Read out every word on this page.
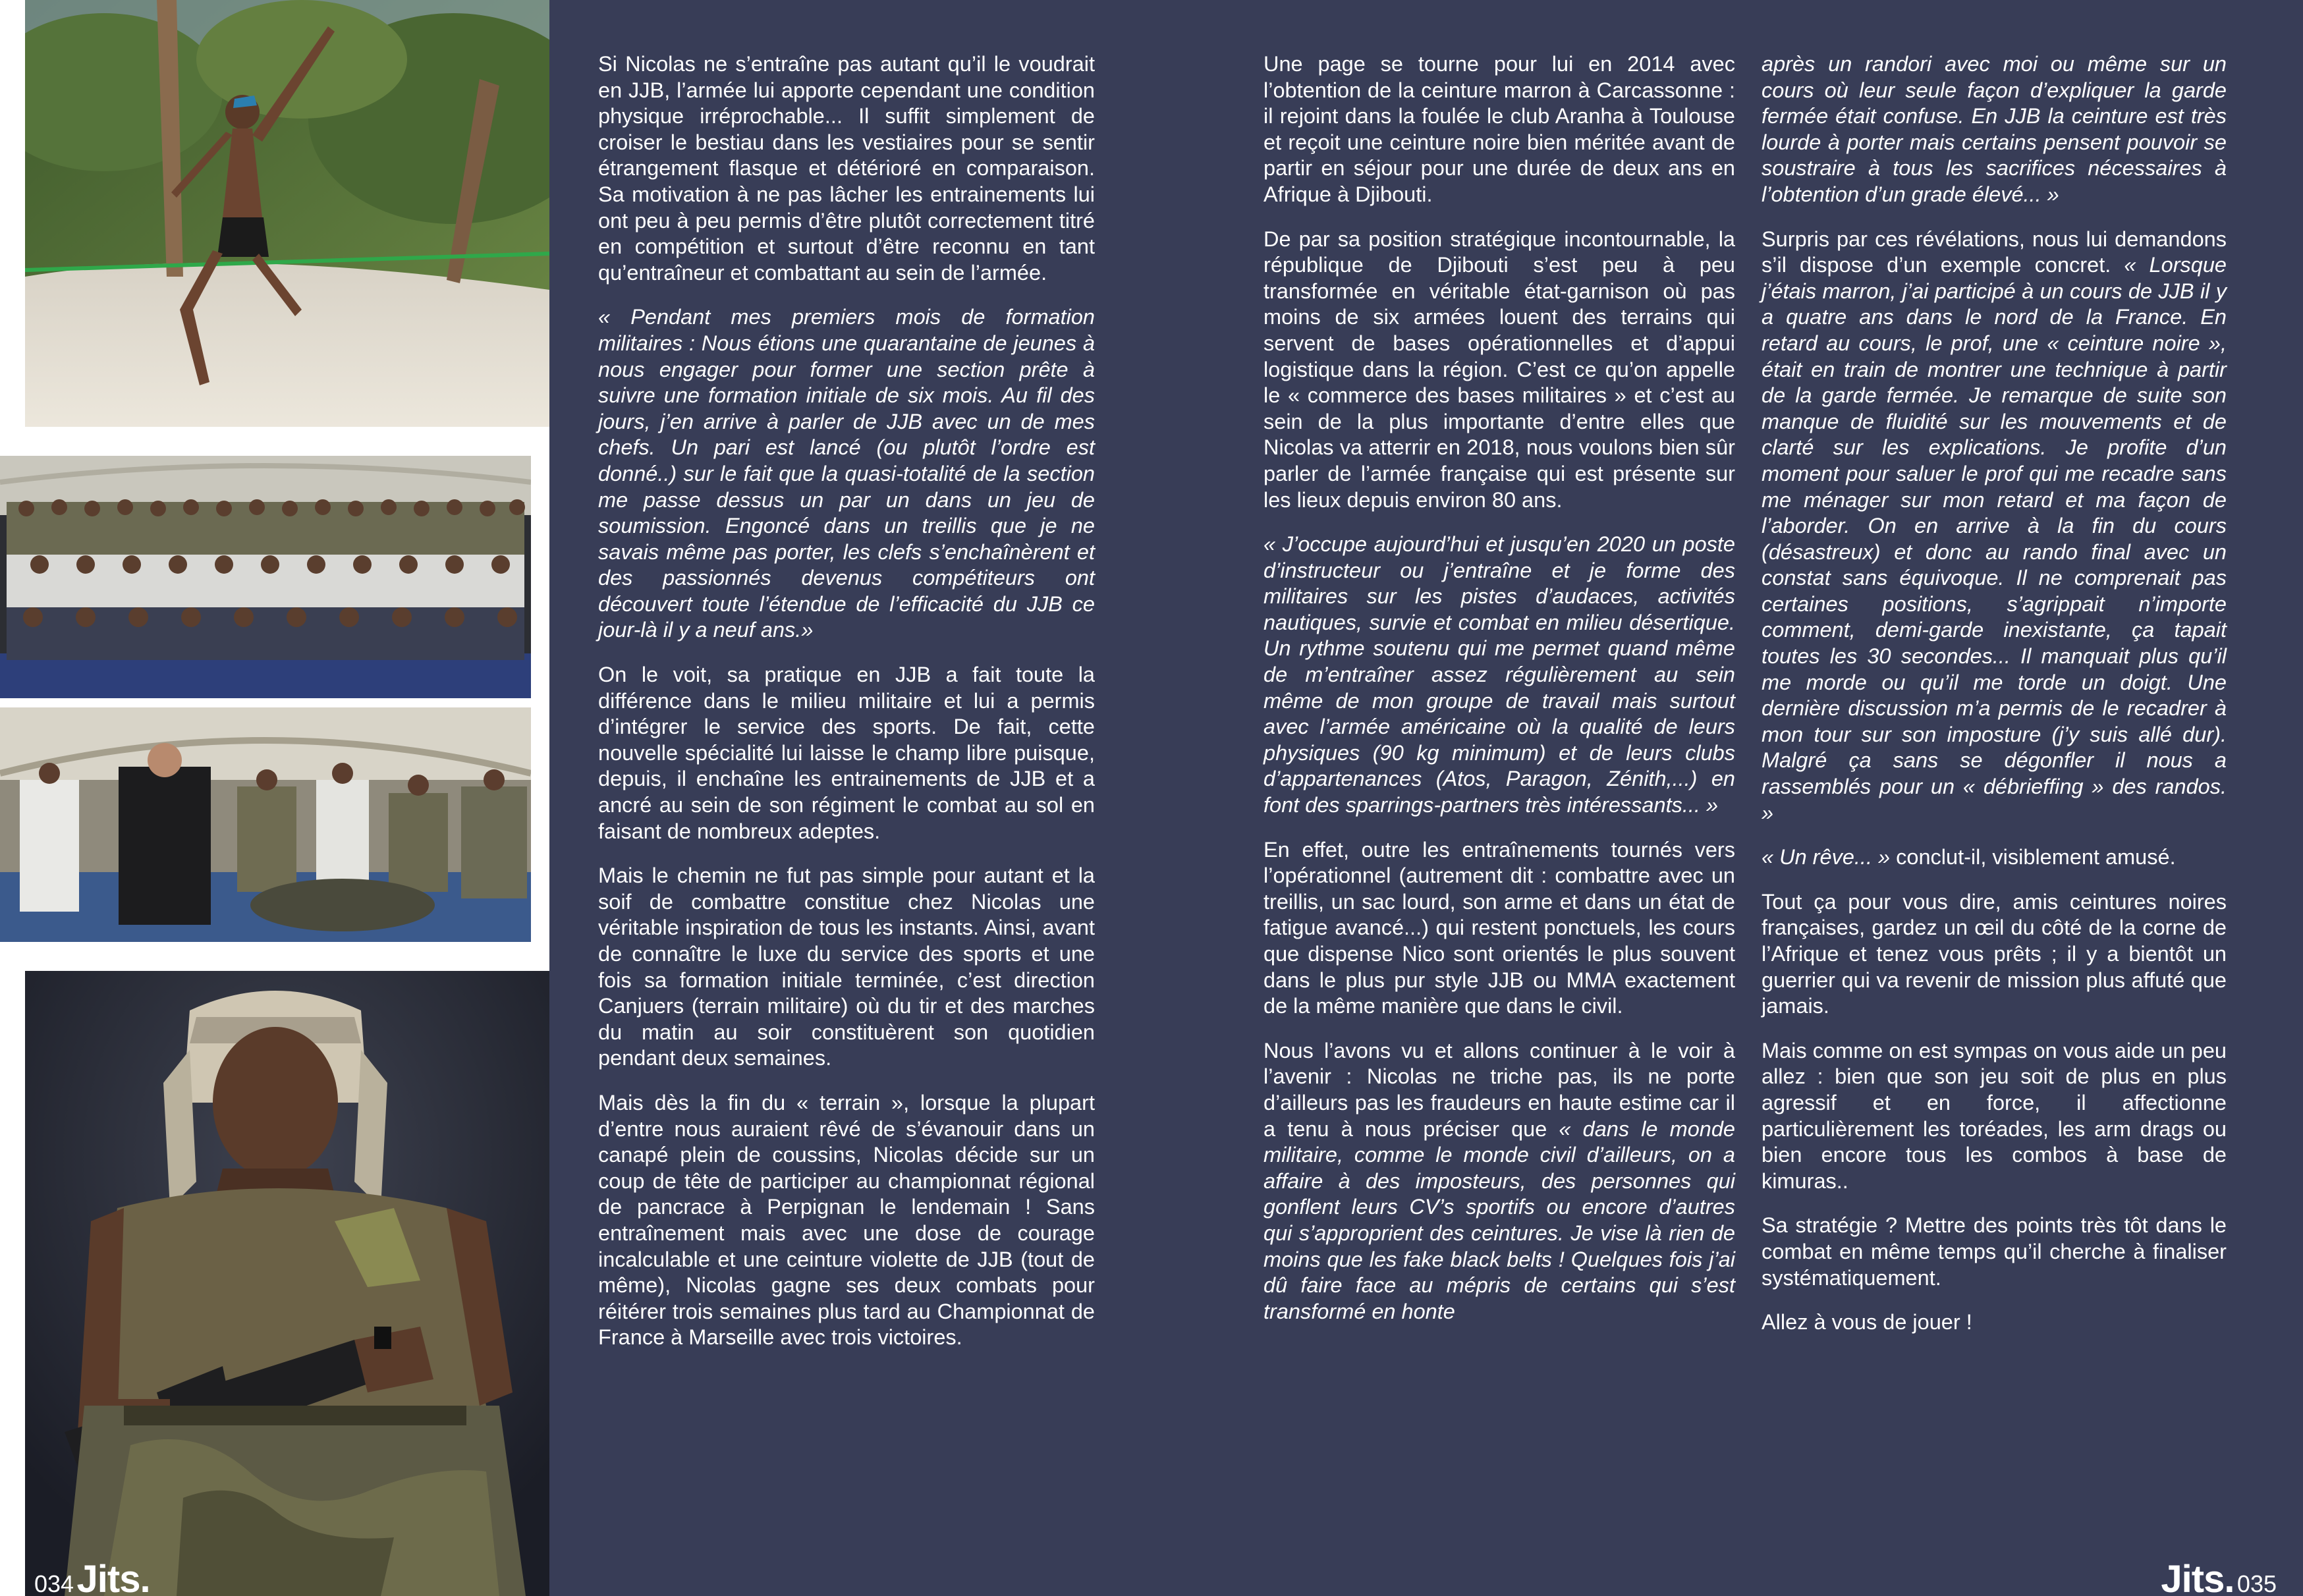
Si Nicolas ne s’entraîne pas autant qu’il le voudrait en JJB, l’armée lui apporte cependant une condition physique irréprochable... Il suffit simplement de croiser le bestiau dans les vestiaires pour se sentir étrangement flasque et détérioré en comparaison. Sa motivation à ne pas lâcher les entrainements lui ont peu à peu permis d’être plutôt correctement titré en compétition et surtout d’être reconnu en tant qu’entraîneur et combattant au sein de l’armée.

« Pendant mes premiers mois de formation militaires : Nous étions une quarantaine de jeunes à nous engager pour former une section prête à suivre une formation initiale de six mois. Au fil des jours, j’en arrive à parler de JJB avec un de mes chefs. Un pari est lancé (ou plutôt l’ordre est donné..) sur le fait que la quasi-totalité de la section me passe dessus un par un dans un jeu de soumission. Engoncé dans un treillis que je ne savais même pas porter, les clefs s’enchaînèrent et des passionnés devenus compétiteurs ont découvert toute l’étendue de l’efficacité du JJB ce jour-là il y a neuf ans.»

On le voit, sa pratique en JJB a fait toute la différence dans le milieu militaire et lui a permis d’intégrer le service des sports. De fait, cette nouvelle spécialité lui laisse le champ libre puisque, depuis, il enchaîne les entrainements de JJB et a ancré au sein de son régiment le combat au sol en faisant de nombreux adeptes.

Mais le chemin ne fut pas simple pour autant et la soif de combattre constitue chez Nicolas une véritable inspiration de tous les instants. Ainsi, avant de connaître le luxe du service des sports et une fois sa formation initiale terminée, c’est direction Canjuers (terrain militaire) où du tir et des marches du matin au soir constituèrent son quotidien pendant deux semaines.

Mais dès la fin du « terrain », lorsque la plupart d’entre nous auraient rêvé de s’évanouir dans un canapé plein de coussins, Nicolas décide sur un coup de tête de participer au championnat régional de pancrace à Perpignan le lendemain ! Sans entraînement mais avec une dose de courage incalculable et une ceinture violette de JJB (tout de même), Nicolas gagne ses deux combats pour réitérer trois semaines plus tard au Championnat de France à Marseille avec trois victoires.

Une page se tourne pour lui en 2014 avec l’obtention de la ceinture marron à Carcassonne : il rejoint dans la foulée le club Aranha à Toulouse et reçoit une ceinture noire bien méritée avant de partir en séjour pour une durée de deux ans en Afrique à Djibouti.

De par sa position stratégique incontournable, la république de Djibouti s’est peu à peu transformée en véritable état-garnison où pas moins de six armées louent des terrains qui servent de bases opérationnelles et d’appui logistique dans la région. C’est ce qu’on appelle le « commerce des bases militaires » et c’est au sein de la plus importante d’entre elles que Nicolas va atterrir en 2018, nous voulons bien sûr parler de l’armée française qui est présente sur les lieux depuis environ 80 ans.

« J’occupe aujourd’hui et jusqu’en 2020 un poste d’instructeur ou j’entraîne et je forme des militaires sur les pistes d’audaces, activités nautiques, survie et combat en milieu désertique. Un rythme soutenu qui me permet quand même de m’entraîner assez régulièrement au sein même de mon groupe de travail mais surtout avec l’armée américaine où la qualité de leurs physiques (90 kg minimum) et de leurs clubs d’appartenances (Atos, Paragon, Zénith,...) en font des sparrings-partners très intéressants... »

En effet, outre les entraînements tournés vers l’opérationnel (autrement dit : combattre avec un treillis, un sac lourd, son arme et dans un état de fatigue avancé...) qui restent ponctuels, les cours que dispense Nico sont orientés le plus souvent dans le plus pur style JJB ou MMA exactement de la même manière que dans le civil.

Nous l’avons vu et allons continuer à le voir à l’avenir : Nicolas ne triche pas, ils ne porte d’ailleurs pas les fraudeurs en haute estime car il a tenu à nous préciser que « dans le monde militaire, comme le monde civil d’ailleurs, on a affaire à des imposteurs, des personnes qui gonflent leurs CV’s sportifs ou encore d’autres qui s’approprient des ceintures. Je vise là rien de moins que les fake black belts ! Quelques fois j’ai dû faire face au mépris de certains qui s’est transformé en honte

après un randori avec moi ou même sur un cours où leur seule façon d’expliquer la garde fermée était confuse. En JJB la ceinture est très lourde à porter mais certains pensent pouvoir se soustraire à tous les sacrifices nécessaires à l’obtention d’un grade élevé... »

Surpris par ces révélations, nous lui demandons s’il dispose d’un exemple concret. « Lorsque j’étais marron, j’ai participé à un cours de JJB il y a quatre ans dans le nord de la France. En retard au cours, le prof, une « ceinture noire », était en train de montrer une technique à partir de la garde fermée. Je remarque de suite son manque de fluidité sur les mouvements et de clarté sur les explications. Je profite d’un moment pour saluer le prof qui me recadre sans me ménager sur mon retard et ma façon de l’aborder. On en arrive à la fin du cours (désastreux) et donc au rando final avec un constat sans équivoque. Il ne comprenait pas certaines positions, s’agrippait n’importe comment, demi-garde inexistante, ça tapait toutes les 30 secondes... Il manquait plus qu’il me morde ou qu’il me torde un doigt. Une dernière discussion m’a permis de le recadrer à mon tour sur son imposture (j’y suis allé dur). Malgré ça sans se dégonfler il nous a rassemblés pour un « débrieffing » des randos. »

« Un rêve... » conclut-il, visiblement amusé.

Tout ça pour vous dire, amis ceintures noires françaises, gardez un œil du côté de la corne de l’Afrique et tenez vous prêts ; il y a bientôt un guerrier qui va revenir de mission plus affuté que jamais.

Mais comme on est sympas on vous aide un peu allez : bien que son jeu soit de plus en plus agressif et en force, il affectionne particulièrement les toréades, les arm drags ou bien encore tous les combos à base de kimuras..

Sa stratégie ? Mettre des points très tôt dans le combat en même temps qu’il cherche à finaliser systématiquement.

Allez à vous de jouer !

034 Jits.	Jits. 035
